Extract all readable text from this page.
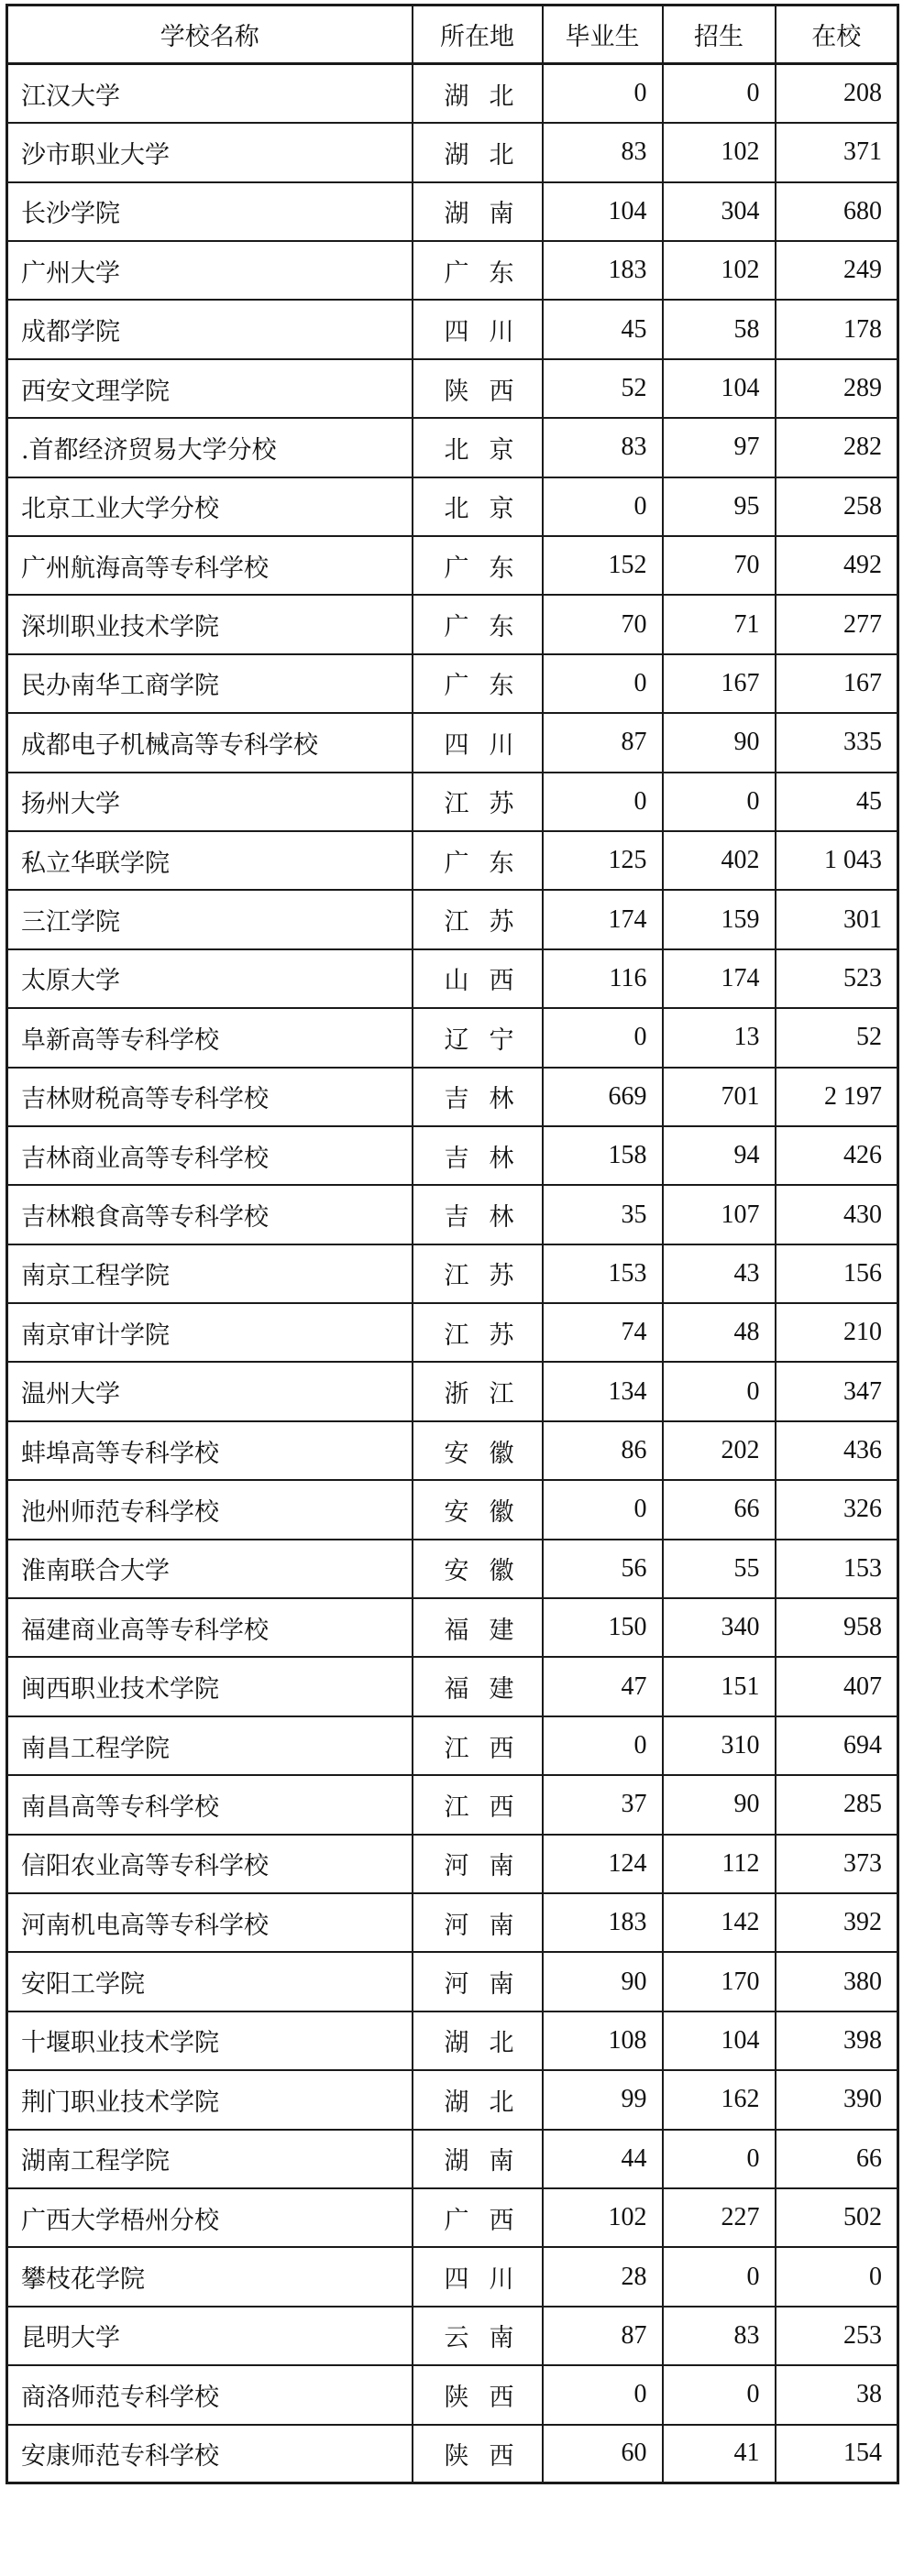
学校名称	所在地	毕业生	招生	在校
江汉大学	湖北	0	0	208
沙市职业大学	湖北	83	102	371
长沙学院	湖南	104	304	680
广州大学	广东	183	102	249
成都学院	四川	45	58	178
西安文理学院	陕西	52	104	289
.首都经济贸易大学分校	北京	83	97	282
北京工业大学分校	北京	0	95	258
广州航海高等专科学校	广东	152	70	492
深圳职业技术学院	广东	70	71	277
民办南华工商学院	广东	0	167	167
成都电子机械高等专科学校	四川	87	90	335
扬州大学	江苏	0	0	45
私立华联学院	广东	125	402	1 043
三江学院	江苏	174	159	301
太原大学	山西	116	174	523
阜新高等专科学校	辽宁	0	13	52
吉林财税高等专科学校	吉林	669	701	2 197
吉林商业高等专科学校	吉林	158	94	426
吉林粮食高等专科学校	吉林	35	107	430
南京工程学院	江苏	153	43	156
南京审计学院	江苏	74	48	210
温州大学	浙江	134	0	347
蚌埠高等专科学校	安徽	86	202	436
池州师范专科学校	安徽	0	66	326
淮南联合大学	安徽	56	55	153
福建商业高等专科学校	福建	150	340	958
闽西职业技术学院	福建	47	151	407
南昌工程学院	江西	0	310	694
南昌高等专科学校	江西	37	90	285
信阳农业高等专科学校	河南	124	112	373
河南机电高等专科学校	河南	183	142	392
安阳工学院	河南	90	170	380
十堰职业技术学院	湖北	108	104	398
荆门职业技术学院	湖北	99	162	390
湖南工程学院	湖南	44	0	66
广西大学梧州分校	广西	102	227	502
攀枝花学院	四川	28	0	0
昆明大学	云南	87	83	253
商洛师范专科学校	陕西	0	0	38
安康师范专科学校	陕西	60	41	154
